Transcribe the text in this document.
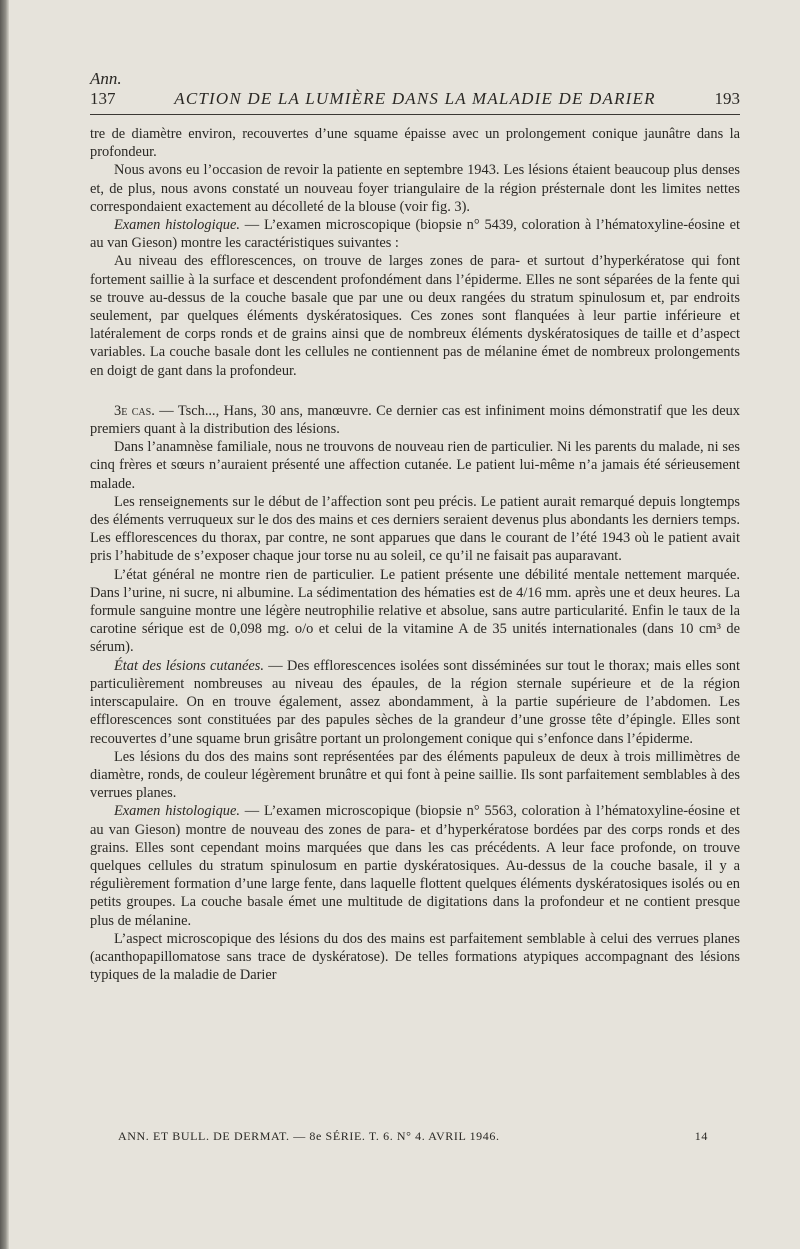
Ann.
137	ACTION DE LA LUMIÈRE DANS LA MALADIE DE DARIER	193

tre de diamètre environ, recouvertes d’une squame épaisse avec un prolongement conique jaunâtre dans la profondeur.

Nous avons eu l’occasion de revoir la patiente en septembre 1943. Les lésions étaient beaucoup plus denses et, de plus, nous avons constaté un nouveau foyer triangulaire de la région présternale dont les limites nettes correspondaient exactement au décolleté de la blouse (voir fig. 3).

Examen histologique. — L’examen microscopique (biopsie n° 5439, coloration à l’hématoxyline-éosine et au van Gieson) montre les caractéristiques suivantes :

Au niveau des efflorescences, on trouve de larges zones de para- et surtout d’hyperkératose qui font fortement saillie à la surface et descendent profondément dans l’épiderme. Elles ne sont séparées de la fente qui se trouve au-dessus de la couche basale que par une ou deux rangées du stratum spinulosum et, par endroits seulement, par quelques éléments dyskératosiques. Ces zones sont flanquées à leur partie inférieure et latéralement de corps ronds et de grains ainsi que de nombreux éléments dyskératosiques de taille et d’aspect variables. La couche basale dont les cellules ne contiennent pas de mélanine émet de nombreux prolongements en doigt de gant dans la profondeur.

3e cas. — Tsch..., Hans, 30 ans, manœuvre. Ce dernier cas est infiniment moins démonstratif que les deux premiers quant à la distribution des lésions.

Dans l’anamnèse familiale, nous ne trouvons de nouveau rien de particulier. Ni les parents du malade, ni ses cinq frères et sœurs n’auraient présenté une affection cutanée. Le patient lui-même n’a jamais été sérieusement malade.

Les renseignements sur le début de l’affection sont peu précis. Le patient aurait remarqué depuis longtemps des éléments verruqueux sur le dos des mains et ces derniers seraient devenus plus abondants les derniers temps. Les efflorescences du thorax, par contre, ne sont apparues que dans le courant de l’été 1943 où le patient avait pris l’habitude de s’exposer chaque jour torse nu au soleil, ce qu’il ne faisait pas auparavant.

L’état général ne montre rien de particulier. Le patient présente une débilité mentale nettement marquée. Dans l’urine, ni sucre, ni albumine. La sédimentation des hématies est de 4/16 mm. après une et deux heures. La formule sanguine montre une légère neutrophilie relative et absolue, sans autre particularité. Enfin le taux de la carotine sérique est de 0,098 mg. o/o et celui de la vitamine A de 35 unités internationales (dans 10 cm³ de sérum).

État des lésions cutanées. — Des efflorescences isolées sont disséminées sur tout le thorax; mais elles sont particulièrement nombreuses au niveau des épaules, de la région sternale supérieure et de la région interscapulaire. On en trouve également, assez abondamment, à la partie supérieure de l’abdomen. Les efflorescences sont constituées par des papules sèches de la grandeur d’une grosse tête d’épingle. Elles sont recouvertes d’une squame brun grisâtre portant un prolongement conique qui s’enfonce dans l’épiderme.

Les lésions du dos des mains sont représentées par des éléments papuleux de deux à trois millimètres de diamètre, ronds, de couleur légèrement brunâtre et qui font à peine saillie. Ils sont parfaitement semblables à des verrues planes.

Examen histologique. — L’examen microscopique (biopsie n° 5563, coloration à l’hématoxyline-éosine et au van Gieson) montre de nouveau des zones de para- et d’hyperkératose bordées par des corps ronds et des grains. Elles sont cependant moins marquées que dans les cas précédents. A leur face profonde, on trouve quelques cellules du stratum spinulosum en partie dyskératosiques. Au-dessus de la couche basale, il y a régulièrement formation d’une large fente, dans laquelle flottent quelques éléments dyskératosiques isolés ou en petits groupes. La couche basale émet une multitude de digitations dans la profondeur et ne contient presque plus de mélanine.

L’aspect microscopique des lésions du dos des mains est parfaitement semblable à celui des verrues planes (acanthopapillomatose sans trace de dyskératose). De telles formations atypiques accompagnant des lésions typiques de la maladie de Darier

ANN. ET BULL. DE DERMAT. — 8e SÉRIE. T. 6. N° 4. AVRIL 1946.	14
